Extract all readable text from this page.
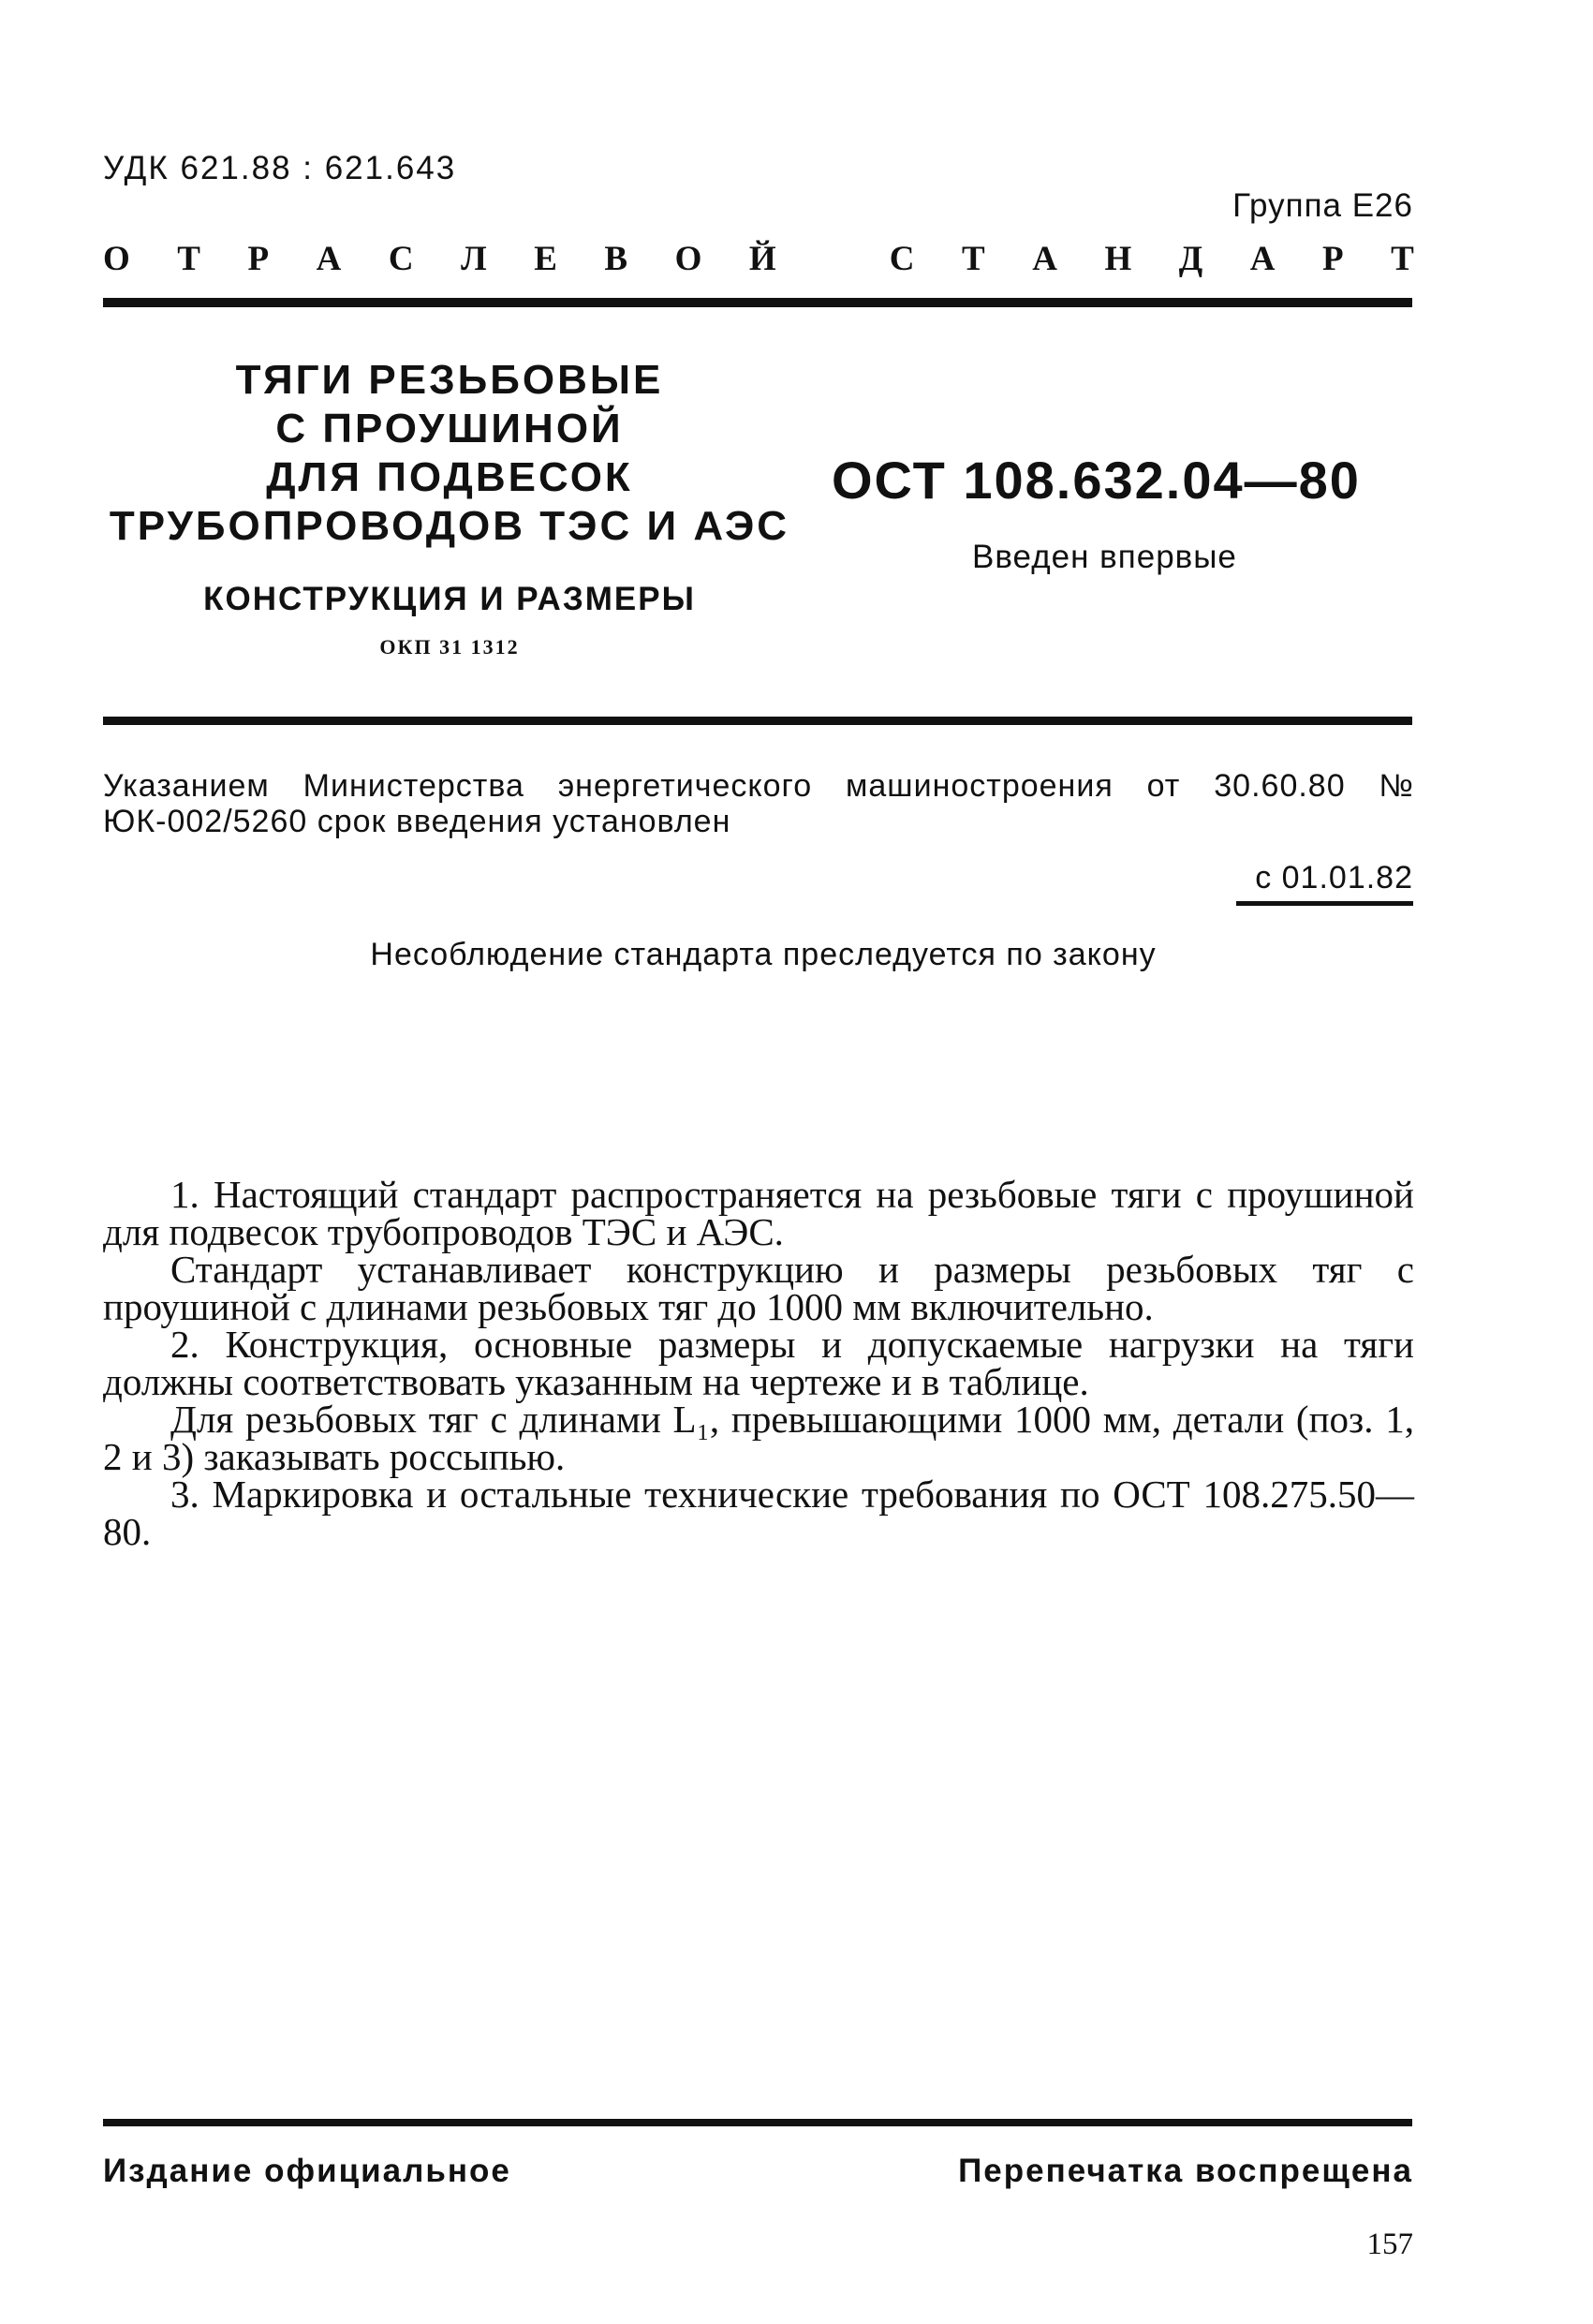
УДК 621.88 : 621.643
Группа Е26
О Т Р А С Л Е В О Й	С Т А Н Д А Р Т
ТЯГИ РЕЗЬБОВЫЕ
С ПРОУШИНОЙ
ДЛЯ ПОДВЕСОК
ТРУБОПРОВОДОВ ТЭС И АЭС
КОНСТРУКЦИЯ И РАЗМЕРЫ
ОКП 31 1312
ОСТ 108.632.04—80
Введен впервые
Указанием Министерства энергетического машиностроения от 30.60.80 № ЮК-002/5260 срок введения установлен
с 01.01.82
Несоблюдение стандарта преследуется по закону

1. Настоящий стандарт распространяется на резьбовые тяги с проушиной для подвесок трубопроводов ТЭС и АЭС.

Стандарт устанавливает конструкцию и размеры резьбовых тяг с проушиной с длинами резьбовых тяг до 1000 мм включительно.

2. Конструкция, основные размеры и допускаемые нагрузки на тяги должны соответствовать указанным на чертеже и в таблице.

Для резьбовых тяг с длинами L₁, превышающими 1000 мм, детали (поз. 1, 2 и 3) заказывать россыпью.

3. Маркировка и остальные технические требования по ОСТ 108.275.50—80.

Издание официальное	Перепечатка воспрещена
157
